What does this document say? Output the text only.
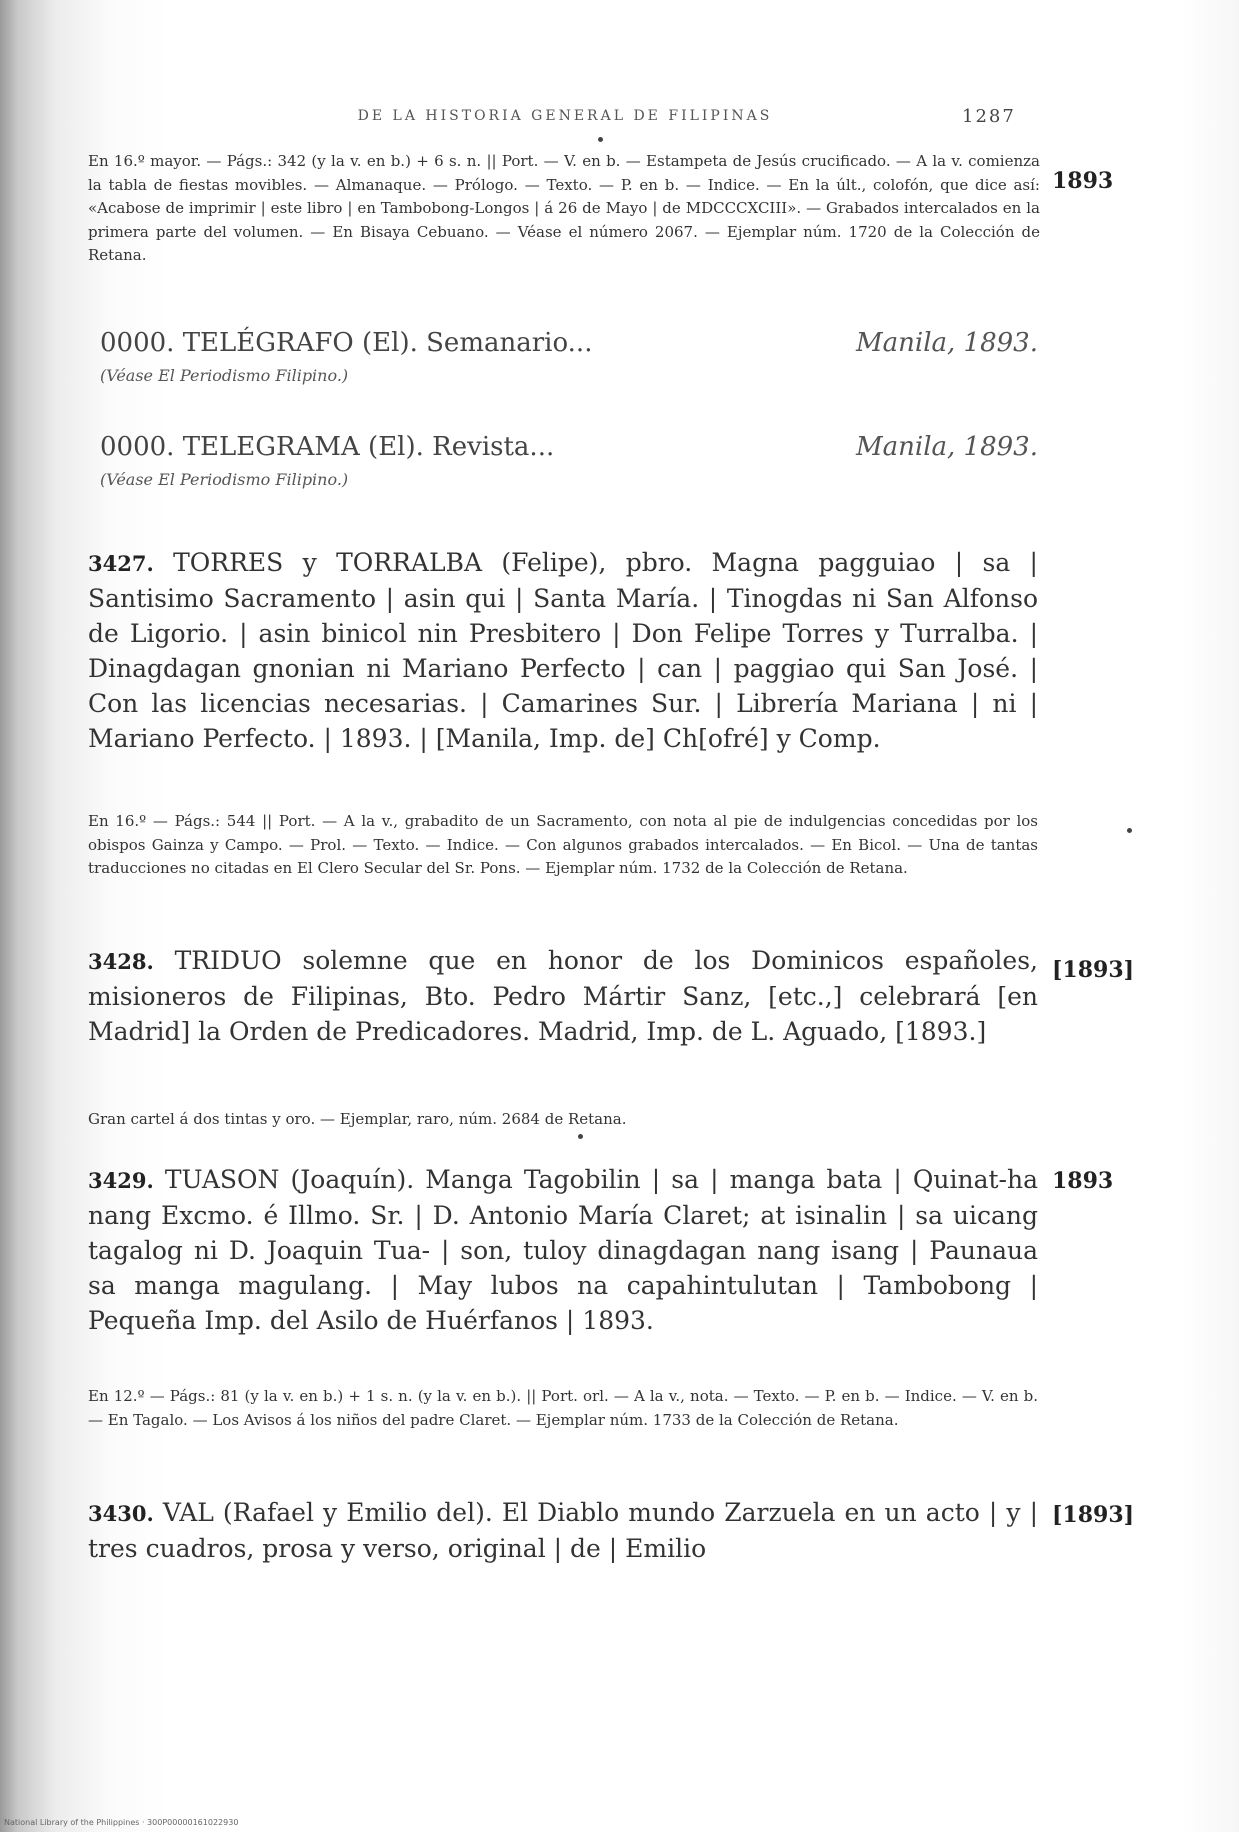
DE LA HISTORIA GENERAL DE FILIPINAS	1287
En 16.º mayor. — Págs.: 342 (y la v. en b.) + 6 s. n. || Port. — V. en b. — Estampeta de Jesús crucificado. — A la v. comienza la tabla de fiestas movibles. — Almanaque. — Prólogo. — Texto. — P. en b. — Indice. — En la últ., colofón, que dice así: «Acabose de imprimir | este libro | en Tambobong-Longos | á 26 de Mayo | de MDCCCXCIII». — Grabados intercalados en la primera parte del volumen. — En Bisaya Cebuano. — Véase el número 2067. — Ejemplar núm. 1720 de la Colección de Retana.
1893
0000. TELÉGRAFO (El). Semanario...	Manila, 1893.
(Véase El Periodismo Filipino.)
0000. TELEGRAMA (El). Revista...	Manila, 1893.
(Véase El Periodismo Filipino.)
3427. TORRES y TORRALBA (Felipe), pbro. Magna pagguiao | sa | Santisimo Sacramento | asin qui | Santa María. | Tinogdas ni San Alfonso de Ligorio. | asin binicol nin Presbitero | Don Felipe Torres y Turralba. | Dinagdagan gnonian ni Mariano Perfecto | can | paggiao qui San José. | Con las licencias necesarias. | Camarines Sur. | Librería Mariana | ni | Mariano Perfecto. | 1893. | [Manila, Imp. de] Ch[ofré] y Comp.
En 16.º — Págs.: 544 || Port. — A la v., grabadito de un Sacramento, con nota al pie de indulgencias concedidas por los obispos Gainza y Campo. — Prol. — Texto. — Indice. — Con algunos grabados intercalados. — En Bicol. — Una de tantas traducciones no citadas en El Clero Secular del Sr. Pons. — Ejemplar núm. 1732 de la Colección de Retana.
3428. TRIDUO solemne que en honor de los Dominicos españoles, misioneros de Filipinas, Bto. Pedro Mártir Sanz, [etc.,] celebrará [en Madrid] la Orden de Predicadores. Madrid, Imp. de L. Aguado, [1893.]
[1893]
Gran cartel á dos tintas y oro. — Ejemplar, raro, núm. 2684 de Retana.
3429. TUASON (Joaquín). Manga Tagobilin | sa | manga bata | Quinat-ha nang Excmo. é Illmo. Sr. | D. Antonio María Claret; at isinalin | sa uicang tagalog ni D. Joaquin Tua- | son, tuloy dinagdagan nang isang | Paunaua sa manga magulang. | May lubos na capahintulutan | Tambobong | Pequeña Imp. del Asilo de Huérfanos | 1893.
1893
En 12.º — Págs.: 81 (y la v. en b.) + 1 s. n. (y la v. en b.). || Port. orl. — A la v., nota. — Texto. — P. en b. — Indice. — V. en b. — En Tagalo. — Los Avisos á los niños del padre Claret. — Ejemplar núm. 1733 de la Colección de Retana.
3430. VAL (Rafael y Emilio del). El Diablo mundo Zarzuela en un acto | y | tres cuadros, prosa y verso, original | de | Emilio
[1893]
National Library of the Philippines · 300P00000161022930
